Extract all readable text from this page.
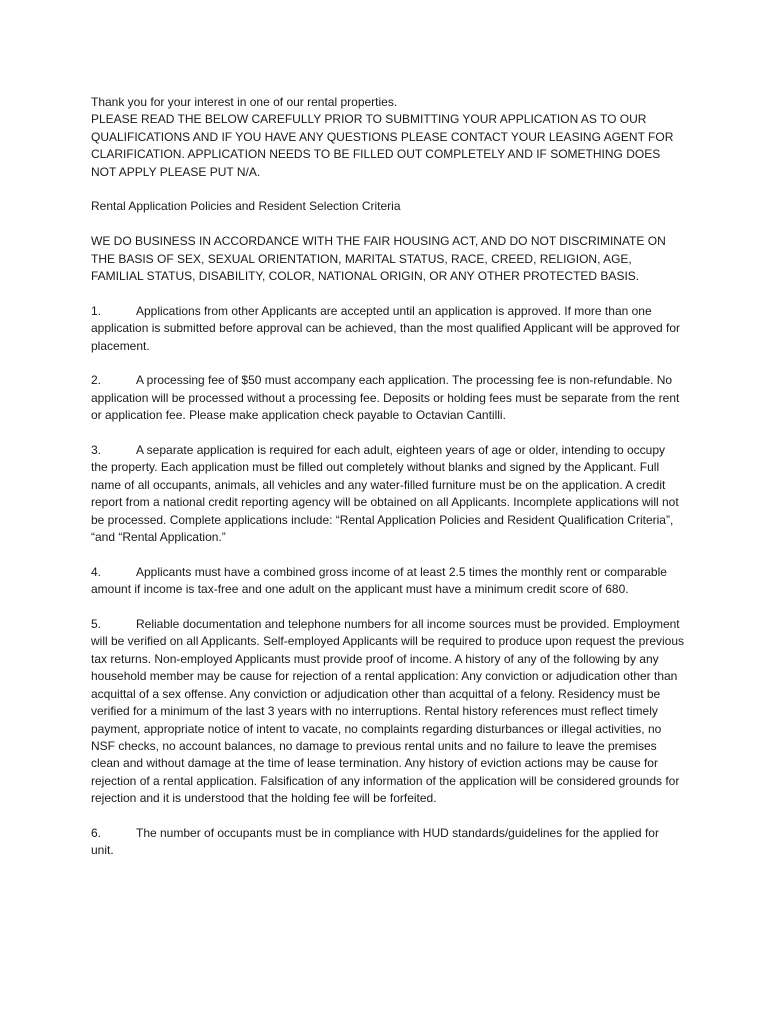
Thank you for your interest in one of our rental properties.

PLEASE READ THE BELOW CAREFULLY PRIOR TO SUBMITTING YOUR APPLICATION AS TO OUR QUALIFICATIONS AND IF YOU HAVE ANY QUESTIONS PLEASE CONTACT YOUR LEASING AGENT FOR CLARIFICATION. APPLICATION NEEDS TO BE FILLED OUT COMPLETELY AND IF SOMETHING DOES NOT APPLY PLEASE PUT N/A.

Rental Application Policies and Resident Selection Criteria

WE DO BUSINESS IN ACCORDANCE WITH THE FAIR HOUSING ACT, AND DO NOT DISCRIMINATE ON THE BASIS OF SEX, SEXUAL ORIENTATION, MARITAL STATUS, RACE, CREED, RELIGION, AGE, FAMILIAL STATUS, DISABILITY, COLOR, NATIONAL ORIGIN, OR ANY OTHER PROTECTED BASIS.

1.	Applications from other Applicants are accepted until an application is approved. If more than one application is submitted before approval can be achieved, than the most qualified Applicant will be approved for placement.

2.	A processing fee of $50 must accompany each application. The processing fee is non-refundable. No application will be processed without a processing fee. Deposits or holding fees must be separate from the rent or application fee. Please make application check payable to Octavian Cantilli.

3.	A separate application is required for each adult, eighteen years of age or older, intending to occupy the property. Each application must be filled out completely without blanks and signed by the Applicant. Full name of all occupants, animals, all vehicles and any water-filled furniture must be on the application. A credit report from a national credit reporting agency will be obtained on all Applicants. Incomplete applications will not be processed. Complete applications include: “Rental Application Policies and Resident Qualification Criteria”, “and “Rental Application.”

4.	Applicants must have a combined gross income of at least 2.5 times the monthly rent or comparable amount if income is tax-free and one adult on the applicant must have a minimum credit score of 680.

5.	Reliable documentation and telephone numbers for all income sources must be provided. Employment will be verified on all Applicants. Self-employed Applicants will be required to produce upon request the previous tax returns. Non-employed Applicants must provide proof of income. A history of any of the following by any household member may be cause for rejection of a rental application: Any conviction or adjudication other than acquittal of a sex offense. Any conviction or adjudication other than acquittal of a felony. Residency must be verified for a minimum of the last 3 years with no interruptions. Rental history references must reflect timely payment, appropriate notice of intent to vacate, no complaints regarding disturbances or illegal activities, no NSF checks, no account balances, no damage to previous rental units and no failure to leave the premises clean and without damage at the time of lease termination. Any history of eviction actions may be cause for rejection of a rental application. Falsification of any information of the application will be considered grounds for rejection and it is understood that the holding fee will be forfeited.

6.	The number of occupants must be in compliance with HUD standards/guidelines for the applied for unit.
